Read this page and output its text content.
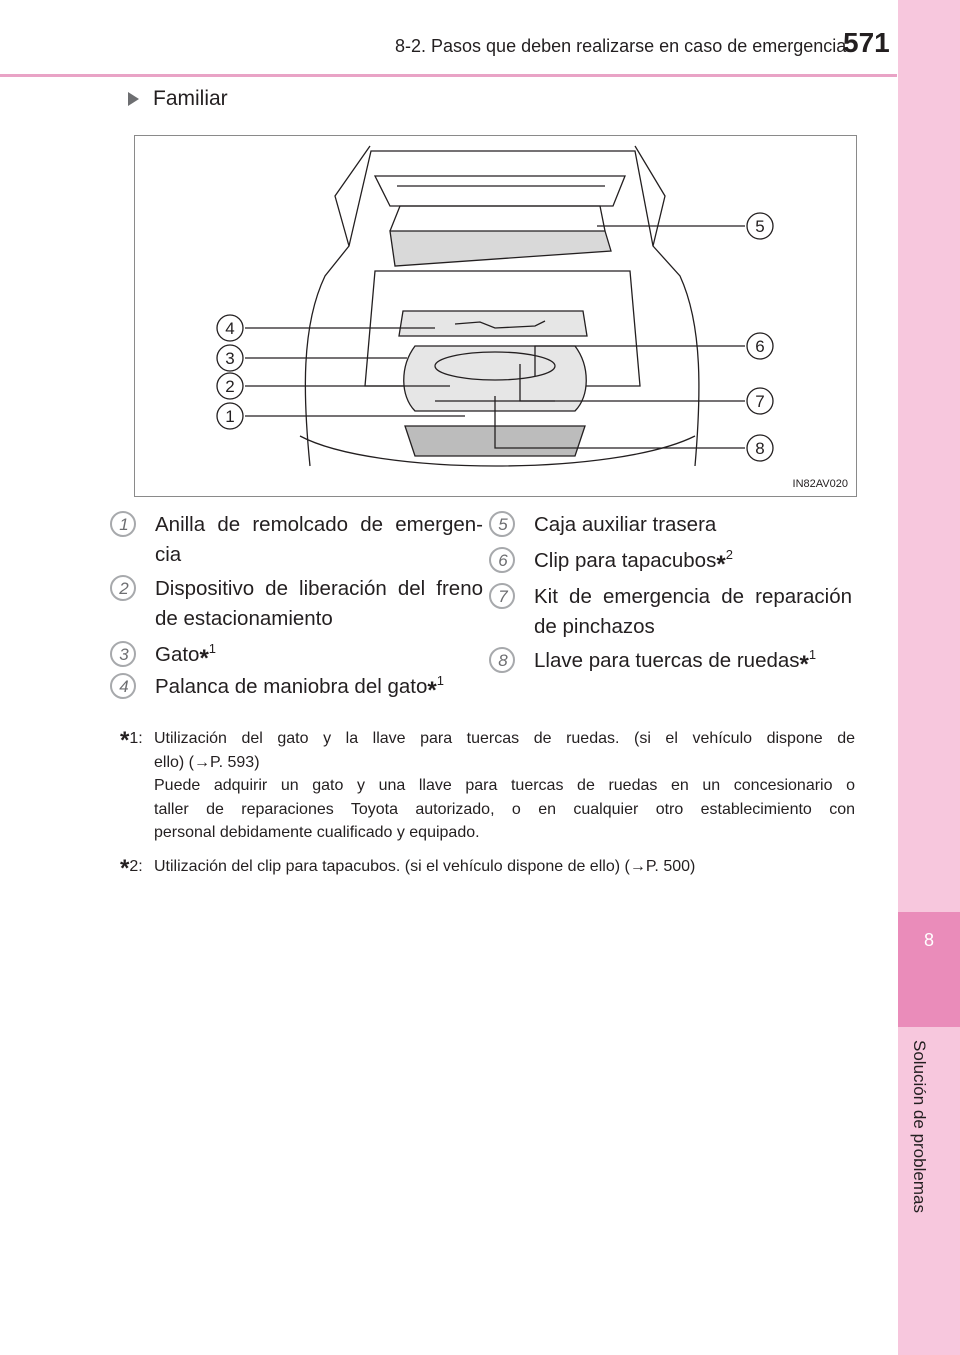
8-2. Pasos que deben realizarse en caso de emergencia
571
8
Solución de problemas
Familiar
1
2
3
4
5
6
7
8
IN82AV020
1	Anilla de remolcado de emergen-
cia
2	Dispositivo de liberación del freno
de estacionamiento
3	Gato*$^1$
4	Palanca de maniobra del gato*$^1$
5	Caja auxiliar trasera
6	Clip para tapacubos*$^2$
7	Kit de emergencia de reparación
de pinchazos
8	Llave para tuercas de ruedas*$^1$
*1: Utilización del gato y la llave para tuercas de ruedas. (si el vehículo dispone de
ello) (→P. 593)
Puede adquirir un gato y una llave para tuercas de ruedas en un concesionario o
taller de reparaciones Toyota autorizado, o en cualquier otro establecimiento con
personal debidamente cualificado y equipado.
*2: Utilización del clip para tapacubos. (si el vehículo dispone de ello) (→P. 500)
